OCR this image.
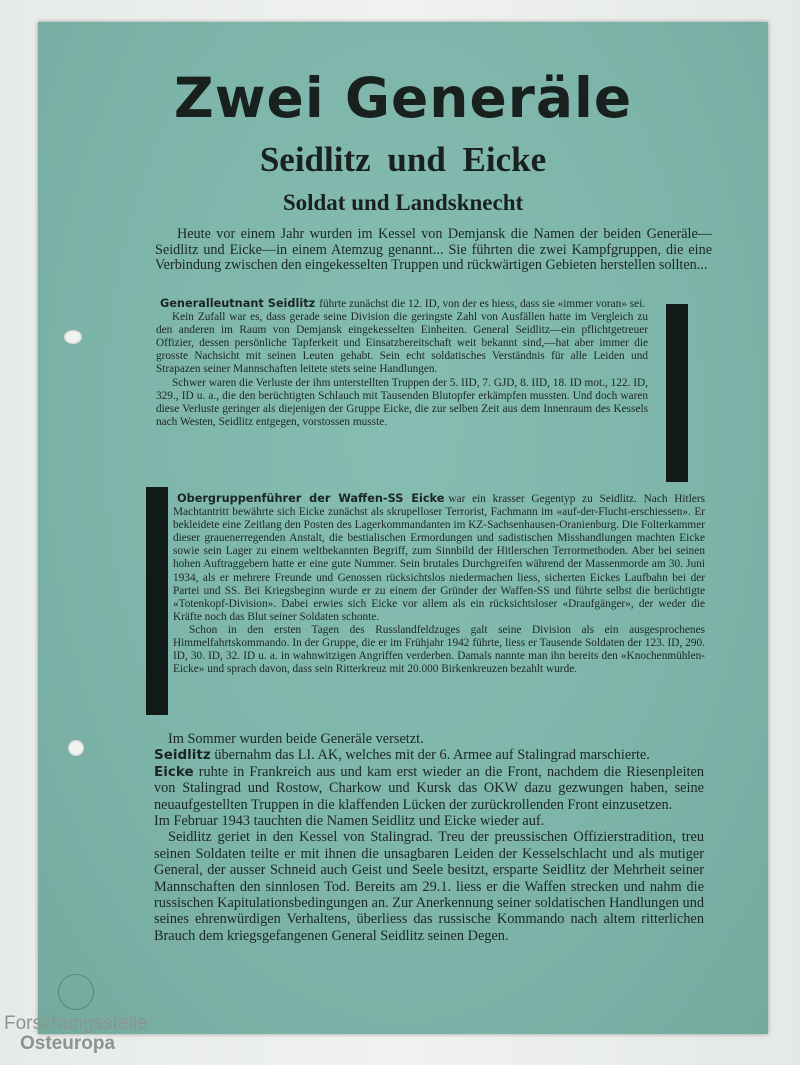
Zwei Generäle
Seidlitz und Eicke
Soldat und Landsknecht

Heute vor einem Jahr wurden im Kessel von Demjansk die Namen der beiden Generäle—Seidlitz und Eicke—in einem Atemzug genannt... Sie führten die zwei Kampfgruppen, die eine Verbindung zwischen den eingekesselten Truppen und rückwärtigen Gebieten herstellen sollten...

Generalleutnant Seidlitz führte zunächst die 12. ID, von der es hiess, dass sie «immer voran» sei.

Kein Zufall war es, dass gerade seine Division die geringste Zahl von Ausfällen hatte im Vergleich zu den anderen im Raum von Demjansk eingekesselten Einheiten. General Seidlitz—ein pflichtgetreuer Offizier, dessen persönliche Tapferkeit und Einsatzbereitschaft weit bekannt sind,—hat aber immer die grosste Nachsicht mit seinen Leuten gehabt. Sein echt soldatisches Verständnis für alle Leiden und Strapazen seiner Mannschaften leitete stets seine Handlungen.

Schwer waren die Verluste der ihm unterstellten Truppen der 5. IID, 7. GJD, 8. IID, 18. ID mot., 122. ID, 329., ID u. a., die den berüchtigten Schlauch mit Tausenden Blutopfer erkämpfen mussten. Und doch waren diese Verluste geringer als diejenigen der Gruppe Eicke, die zur selben Zeit aus dem Innenraum des Kessels nach Westen, Seidlitz entgegen, vorstossen musste.

Obergruppenführer der Waffen-SS Eicke war ein krasser Gegentyp zu Seidlitz. Nach Hitlers Machtantritt bewährte sich Eicke zunächst als skrupelloser Terrorist, Fachmann im «auf-der-Flucht-erschiessen». Er bekleidete eine Zeitlang den Posten des Lagerkommandanten im KZ-Sachsenhausen-Oranienburg. Die Folterkammer dieser grauenerregenden Anstalt, die bestialischen Ermordungen und sadistischen Misshandlungen machten Eicke sowie sein Lager zu einem weltbekannten Begriff, zum Sinnbild der Hitlerschen Terrormethoden. Aber bei seinen hohen Auftraggebern hatte er eine gute Nummer. Sein brutales Durchgreifen während der Massenmorde am 30. Juni 1934, als er mehrere Freunde und Genossen rücksichtslos niedermachen liess, sicherten Eickes Laufbahn bei der Partei und SS. Bei Kriegsbeginn wurde er zu einem der Gründer der Waffen-SS und führte selbst die berüchtigte «Totenkopf-Division». Dabei erwies sich Eicke vor allem als ein rücksichtsloser «Draufgänger», der weder die Kräfte noch das Blut seiner Soldaten schonte.

Schon in den ersten Tagen des Russlandfeldzuges galt seine Division als ein ausgesprochenes Himmelfahrtskommando. In der Gruppe, die er im Frühjahr 1942 führte, liess er Tausende Soldaten der 123. ID, 290. ID, 30. ID, 32. ID u. a. in wahnwitzigen Angriffen verderben. Damals nannte man ihn bereits den «Knochenmühlen-Eicke» und sprach davon, dass sein Ritterkreuz mit 20.000 Birkenkreuzen bezahlt wurde.

Im Sommer wurden beide Generäle versetzt.

Seidlitz übernahm das LI. AK, welches mit der 6. Armee auf Stalingrad marschierte.

Eicke ruhte in Frankreich aus und kam erst wieder an die Front, nachdem die Riesenpleiten von Stalingrad und Rostow, Charkow und Kursk das OKW dazu gezwungen haben, seine neuaufgestellten Truppen in die klaffenden Lücken der zurückrollenden Front einzusetzen.

Im Februar 1943 tauchten die Namen Seidlitz und Eicke wieder auf.

Seidlitz geriet in den Kessel von Stalingrad. Treu der preussischen Offizierstradition, treu seinen Soldaten teilte er mit ihnen die unsagbaren Leiden der Kesselschlacht und als mutiger General, der ausser Schneid auch Geist und Seele besitzt, ersparte Seidlitz der Mehrheit seiner Mannschaften den sinnlosen Tod. Bereits am 29.1. liess er die Waffen strecken und nahm die russischen Kapitulationsbedingungen an. Zur Anerkennung seiner soldatischen Handlungen und seines ehrenwürdigen Verhaltens, überliess das russische Kommando nach altem ritterlichen Brauch dem kriegsgefangenen General Seidlitz seinen Degen.

Forschungsstelle
Osteuropa
